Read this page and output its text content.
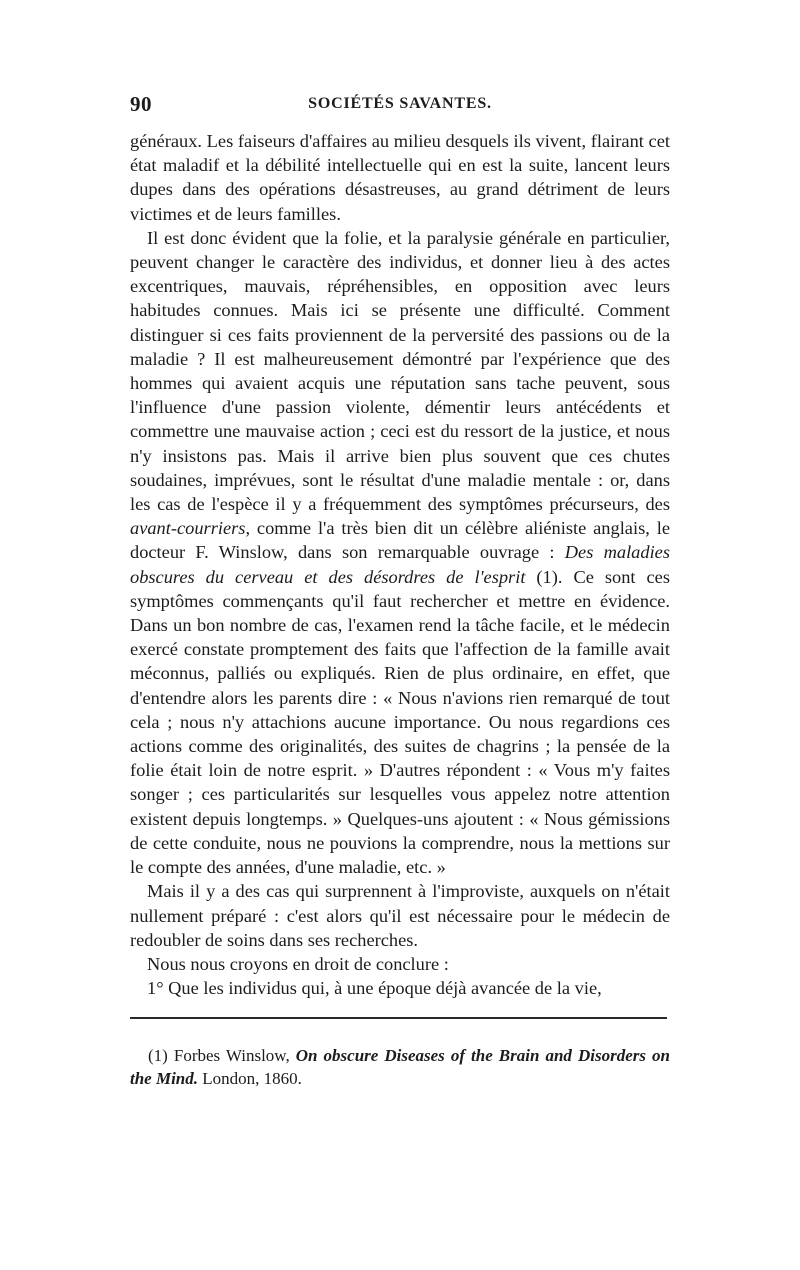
90	SOCIÉTÉS SAVANTES.

généraux. Les faiseurs d'affaires au milieu desquels ils vivent, flairant cet état maladif et la débilité intellectuelle qui en est la suite, lancent leurs dupes dans des opérations désastreuses, au grand détriment de leurs victimes et de leurs familles.

Il est donc évident que la folie, et la paralysie générale en particulier, peuvent changer le caractère des individus, et donner lieu à des actes excentriques, mauvais, répréhensibles, en opposition avec leurs habitudes connues. Mais ici se présente une difficulté. Comment distinguer si ces faits proviennent de la perversité des passions ou de la maladie ? Il est malheureusement démontré par l'expérience que des hommes qui avaient acquis une réputation sans tache peuvent, sous l'influence d'une passion violente, démentir leurs antécédents et commettre une mauvaise action ; ceci est du ressort de la justice, et nous n'y insistons pas. Mais il arrive bien plus souvent que ces chutes soudaines, imprévues, sont le résultat d'une maladie mentale : or, dans les cas de l'espèce il y a fréquemment des symptômes précurseurs, des avant-courriers, comme l'a très bien dit un célèbre aliéniste anglais, le docteur F. Winslow, dans son remarquable ouvrage : Des maladies obscures du cerveau et des désordres de l'esprit (1). Ce sont ces symptômes commençants qu'il faut rechercher et mettre en évidence. Dans un bon nombre de cas, l'examen rend la tâche facile, et le médecin exercé constate promptement des faits que l'affection de la famille avait méconnus, palliés ou expliqués. Rien de plus ordinaire, en effet, que d'entendre alors les parents dire : « Nous n'avions rien remarqué de tout cela ; nous n'y attachions aucune importance. Ou nous regardions ces actions comme des originalités, des suites de chagrins ; la pensée de la folie était loin de notre esprit. » D'autres répondent : « Vous m'y faites songer ; ces particularités sur lesquelles vous appelez notre attention existent depuis longtemps. » Quelques-uns ajoutent : « Nous gémissions de cette conduite, nous ne pouvions la comprendre, nous la mettions sur le compte des années, d'une maladie, etc. »

Mais il y a des cas qui surprennent à l'improviste, auxquels on n'était nullement préparé : c'est alors qu'il est nécessaire pour le médecin de redoubler de soins dans ses recherches.

Nous nous croyons en droit de conclure :

1° Que les individus qui, à une époque déjà avancée de la vie,

(1) Forbes Winslow, On obscure Diseases of the Brain and Disorders on the Mind. London, 1860.
